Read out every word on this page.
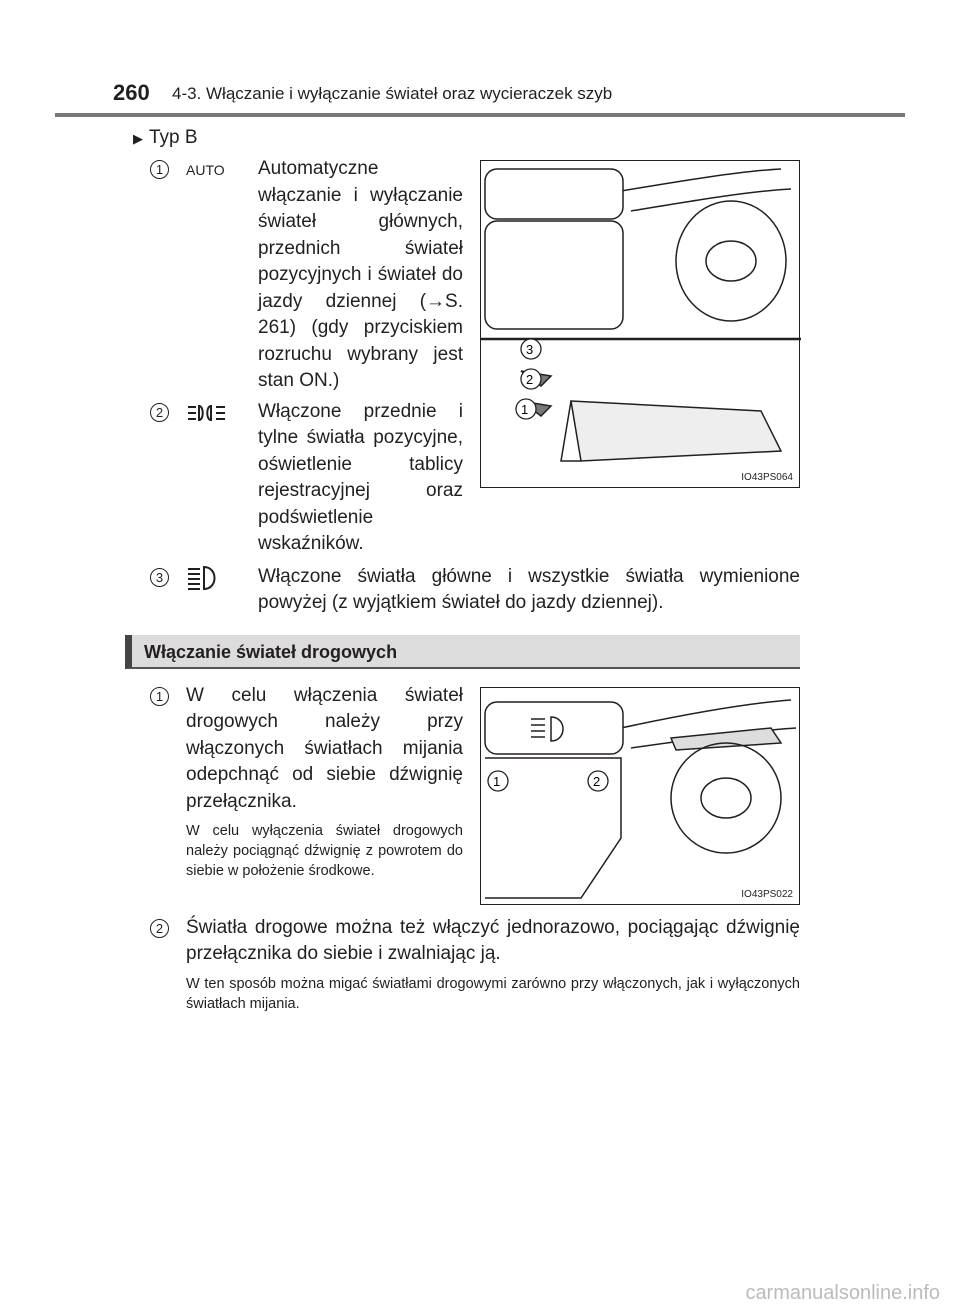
260 4-3. Włączanie i wyłączanie świateł oraz wycieraczek szyb
▶ Typ B
1	AUTO	Automatyczne włączanie i wyłączanie świateł głównych, przednich świateł pozycyjnych i świateł do jazdy dziennej (→S. 261) (gdy przyciskiem rozruchu wybrany jest stan ON.)
2	Włączone przednie i tylne światła pozycyjne, oświetlenie tablicy rejestracyjnej oraz podświetlenie wskaźników.
3
2
1
IO43PS064
3	Włączone światła główne i wszystkie światła wymienione powyżej (z wyjątkiem świateł do jazdy dziennej).
Włączanie świateł drogowych
1	W celu włączenia świateł drogowych należy przy włączonych światłach mijania odepchnąć od siebie dźwignię przełącznika.
W celu wyłączenia świateł drogowych należy pociągnąć dźwignię z powrotem do siebie w położenie środkowe.
1	2
IO43PS022
2	Światła drogowe można też włączyć jednorazowo, pociągając dźwignię przełącznika do siebie i zwalniając ją.
W ten sposób można migać światłami drogowymi zarówno przy włączonych, jak i wyłączonych światłach mijania.
carmanualsonline.info
